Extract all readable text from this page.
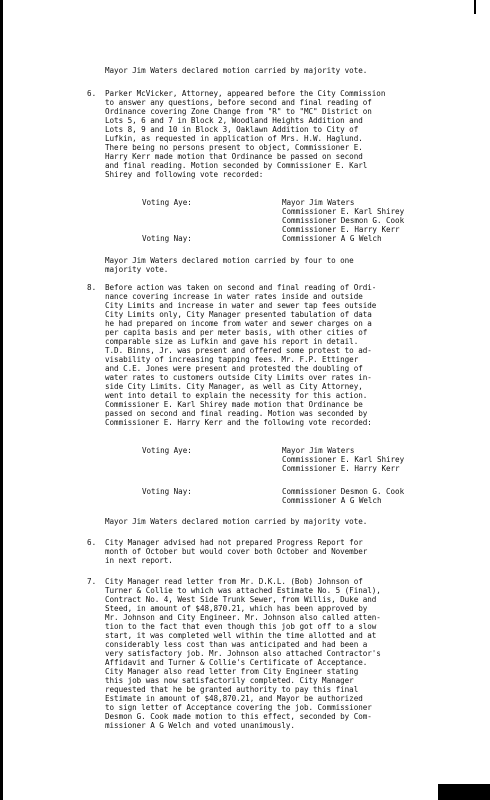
Mayor Jim Waters declared motion carried by majority vote.
6. Parker McVicker, Attorney, appeared before the City Commission
to answer any questions, before second and final reading of
Ordinance covering Zone Change from "R" to "MC" District on
Lots 5, 6 and 7 in Block 2, Woodland Heights Addition and
Lots 8, 9 and 10 in Block 3, Oaklawn Addition to City of
Lufkin, as requested in application of Mrs. H.W. Haglund.
There being no persons present to object, Commissioner E.
Harry Kerr made motion that Ordinance be passed on second
and final reading. Motion seconded by Commissioner E. Karl
Shirey and following vote recorded:
Voting Aye:	Mayor Jim Waters
Commissioner E. Karl Shirey
Commissioner Desmon G. Cook
Commissioner E. Harry Kerr
Voting Nay:	Commissioner A G Welch
Mayor Jim Waters declared motion carried by four to one
majority vote.
8. Before action was taken on second and final reading of Ordi-
nance covering increase in water rates inside and outside
City Limits and increase in water and sewer tap fees outside
City Limits only, City Manager presented tabulation of data
he had prepared on income from water and sewer charges on a
per capita basis and per meter basis, with other cities of
comparable size as Lufkin and gave his report in detail.
T.D. Binns, Jr. was present and offered some protest to ad-
visability of increasing tapping fees. Mr. F.P. Ettinger
and C.E. Jones were present and protested the doubling of
water rates to customers outside City Limits over rates in-
side City Limits. City Manager, as well as City Attorney,
went into detail to explain the necessity for this action.
Commissioner E. Karl Shirey made motion that Ordinance be
passed on second and final reading. Motion was seconded by
Commissioner E. Harry Kerr and the following vote recorded:
Voting Aye:	Mayor Jim Waters
Commissioner E. Karl Shirey
Commissioner E. Harry Kerr
Voting Nay:	Commissioner Desmon G. Cook
Commissioner A G Welch
Mayor Jim Waters declared motion carried by majority vote.
6. City Manager advised had not prepared Progress Report for
month of October but would cover both October and November
in next report.
7. City Manager read letter from Mr. D.K.L. (Bob) Johnson of
Turner & Collie to which was attached Estimate No. 5 (Final),
Contract No. 4, West Side Trunk Sewer, from Willis, Duke and
Steed, in amount of $48,870.21, which has been approved by
Mr. Johnson and City Engineer. Mr. Johnson also called atten-
tion to the fact that even though this job got off to a slow
start, it was completed well within the time allotted and at
considerably less cost than was anticipated and had been a
very satisfactory job. Mr. Johnson also attached Contractor's
Affidavit and Turner & Collie's Certificate of Acceptance.
City Manager also read letter from City Engineer stating
this job was now satisfactorily completed. City Manager
requested that he be granted authority to pay this final
Estimate in amount of $48,870.21, and Mayor be authorized
to sign letter of Acceptance covering the job. Commissioner
Desmon G. Cook made motion to this effect, seconded by Com-
missioner A G Welch and voted unanimously.
